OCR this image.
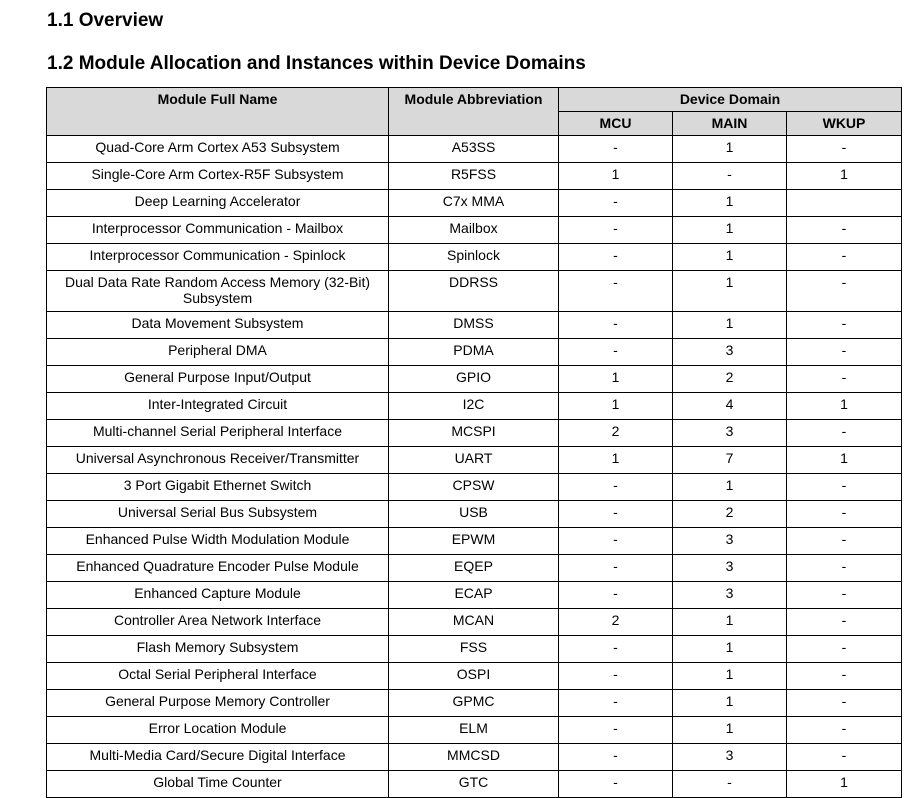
1.1 Overview
1.2 Module Allocation and Instances within Device Domains
Module Full Name	Module Abbreviation	Device Domain		
		MCU	MAIN	WKUP
Quad-Core Arm Cortex A53 Subsystem	A53SS	-	1	-
Single-Core Arm Cortex-R5F Subsystem	R5FSS	1	-	1
Deep Learning Accelerator	C7x MMA	-	1	
Interprocessor Communication - Mailbox	Mailbox	-	1	-
Interprocessor Communication - Spinlock	Spinlock	-	1	-
Dual Data Rate Random Access Memory (32-Bit) Subsystem	DDRSS	-	1	-
Data Movement Subsystem	DMSS	-	1	-
Peripheral DMA	PDMA	-	3	-
General Purpose Input/Output	GPIO	1	2	-
Inter-Integrated Circuit	I2C	1	4	1
Multi-channel Serial Peripheral Interface	MCSPI	2	3	-
Universal Asynchronous Receiver/Transmitter	UART	1	7	1
3 Port Gigabit Ethernet Switch	CPSW	-	1	-
Universal Serial Bus Subsystem	USB	-	2	-
Enhanced Pulse Width Modulation Module	EPWM	-	3	-
Enhanced Quadrature Encoder Pulse Module	EQEP	-	3	-
Enhanced Capture Module	ECAP	-	3	-
Controller Area Network Interface	MCAN	2	1	-
Flash Memory Subsystem	FSS	-	1	-
Octal Serial Peripheral Interface	OSPI	-	1	-
General Purpose Memory Controller	GPMC	-	1	-
Error Location Module	ELM	-	1	-
Multi-Media Card/Secure Digital Interface	MMCSD	-	3	-
Global Time Counter	GTC	-	-	1
